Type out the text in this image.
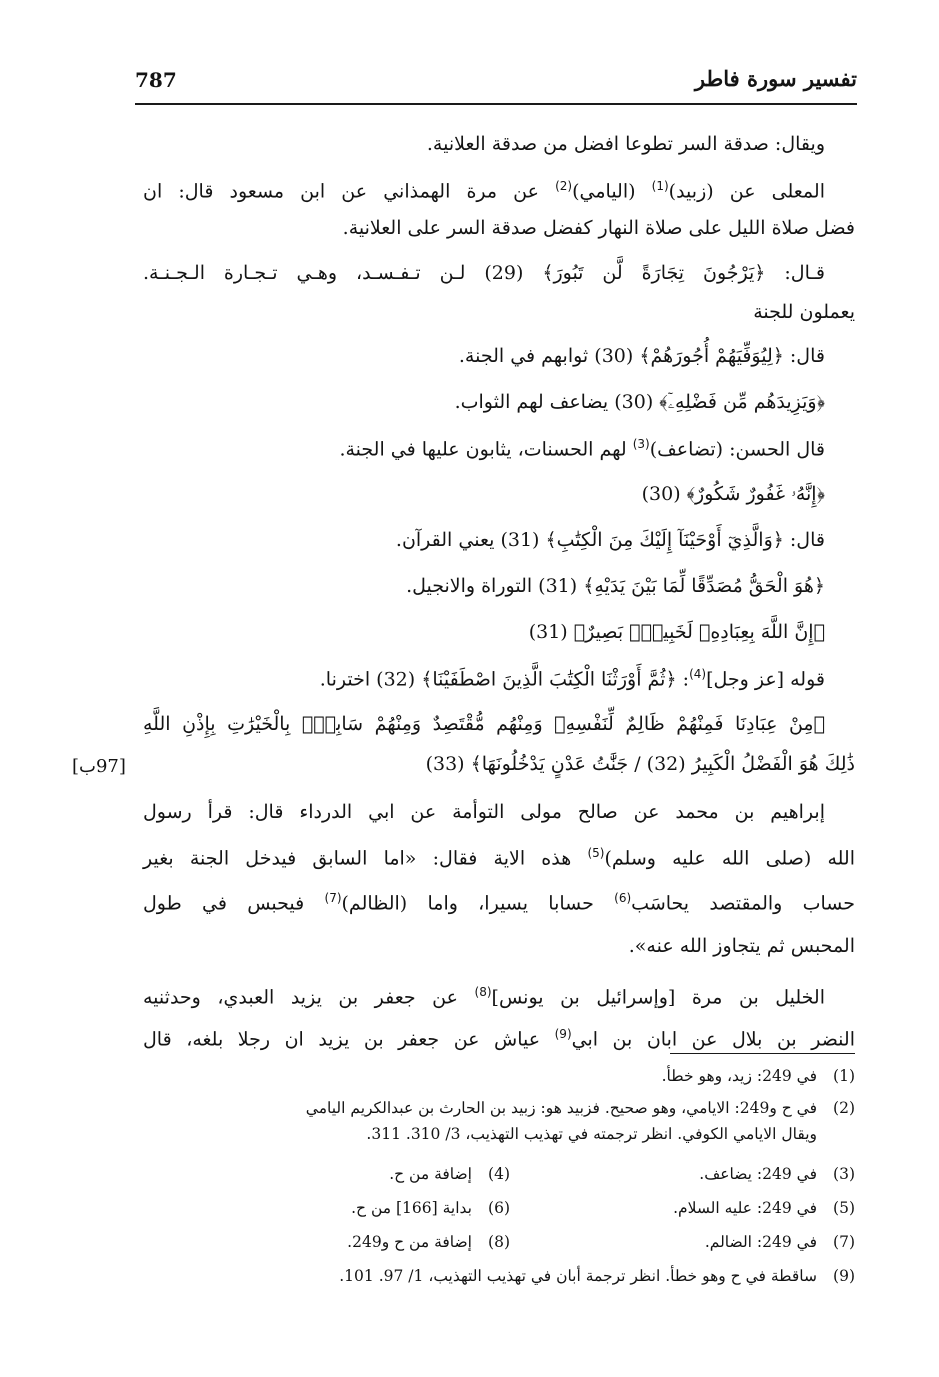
تفسير سورة فاطر
787
ويقال: صدقة السر تطوعا افضل من صدقة العلانية.
المعلى عن (زبيد)$^{(1)}$ (اليامي)$^{(2)}$ عن مرة الهمذاني عن ابن مسعود قال: ان
فضل صلاة الليل على صلاة النهار كفضل صدقة السر على العلانية.
قـال: ﴿يَرْجُونَ تِجَارَةً لَّن تَبُورَ﴾ (29) لـن تـفـسـد، وهـي تـجـارة الـجـنـة.
يعملون للجنة
قال: ﴿لِيُوَفِّيَهُمْ أُجُورَهُمْ﴾ (30) ثوابهم في الجنة.
﴿وَيَزِيدَهُم مِّن فَضْلِهِۦٓ﴾ (30) يضاعف لهم الثواب.
قال الحسن: (تضاعف)$^{(3)}$ لهم الحسنات، يثابون عليها في الجنة.
﴿إِنَّهُۥ غَفُورٌ شَكُورٌ﴾ (30)
قال: ﴿وَالَّذِيٓ أَوْحَيْنَآ إِلَيْكَ مِنَ الْكِتَٰبِ﴾ (31) يعني القرآن.
﴿هُوَ الْحَقُّ مُصَدِّقًا لِّمَا بَيْنَ يَدَيْهِ﴾ (31) التوراة والانجيل.
﴿إِنَّ اللَّهَ بِعِبَادِهِۦ لَخَبِيرٌۢ بَصِيرٌ﴾ (31)
قوله [عز وجل]$^{(4)}$: ﴿ثُمَّ أَوْرَثْنَا الْكِتَٰبَ الَّذِينَ اصْطَفَيْنَا﴾ (32) اخترنا.
﴿مِنْ عِبَادِنَا فَمِنْهُمْ ظَالِمٌ لِّنَفْسِهِۦ وَمِنْهُم مُّقْتَصِدٌ وَمِنْهُمْ سَابِقٌۢ بِالْخَيْرَٰتِ بِإِذْنِ اللَّهِ
ذَٰلِكَ هُوَ الْفَضْلُ الْكَبِيرُ (32) / جَنَّٰتُ عَدْنٍ يَدْخُلُونَهَا﴾ (33)
إبراهيم بن محمد عن صالح مولى التوأمة عن ابي الدرداء قال: قرأ رسول
الله (صلى الله عليه وسلم)$^{(5)}$ هذه الاية فقال: «اما السابق فيدخل الجنة بغير
حساب والمقتصد يحاسَب$^{(6)}$ حسابا يسيرا، واما (الظالم)$^{(7)}$ فيحبس في طول
المحبس ثم يتجاوز الله عنه».
الخليل بن مرة [وإسرائيل بن يونس]$^{(8)}$ عن جعفر بن يزيد العبدي، وحدثنيه
النضر بن بلال عن ابان بن ابي$^{(9)}$ عياش عن جعفر بن يزيد ان رجلا بلغه، قال
[97ب]
(1)في 249: زيد، وهو خطأ.
(2)في ح و249: الايامي، وهو صحيح. فزبيد هو: زبيد بن الحارث بن عبدالكريم اليامي
ويقال الايامي الكوفي. انظر ترجمته في تهذيب التهذيب، 3/ 310. 311.
(3)في 249: يضاعف.
(4)إضافة من ح.
(5)في 249: عليه السلام.
(6)بداية [166] من ح.
(7)في 249: الضالم.
(8)إضافة من ح و249.
(9)ساقطة في ح وهو خطأ. انظر ترجمة أبان في تهذيب التهذيب، 1/ 97. 101.
